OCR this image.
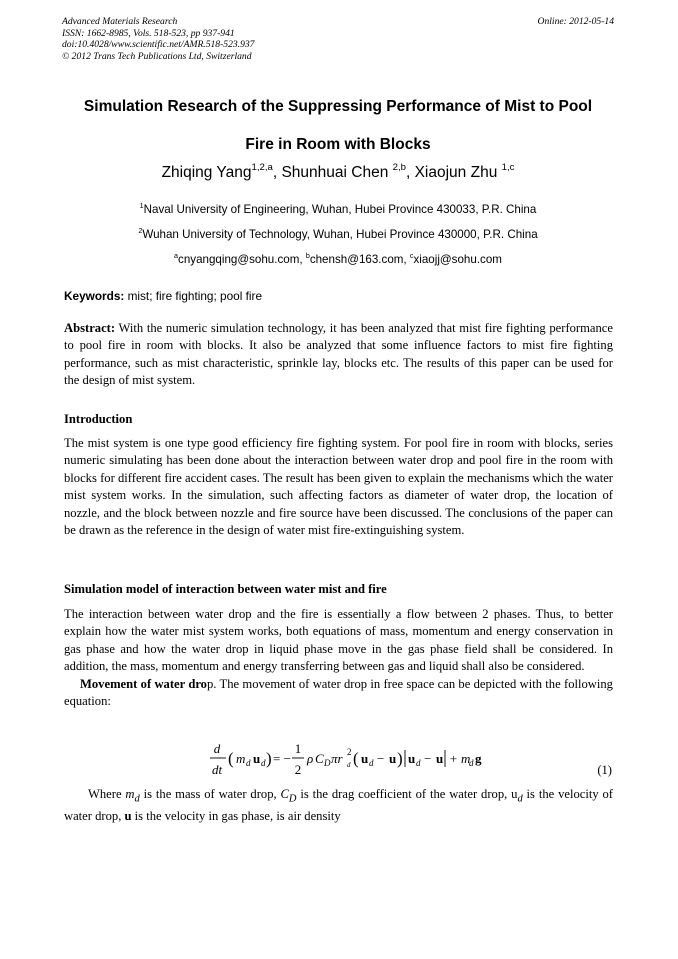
Advanced Materials Research
ISSN: 1662-8985, Vols. 518-523, pp 937-941
doi:10.4028/www.scientific.net/AMR.518-523.937
© 2012 Trans Tech Publications Ltd, Switzerland
Online: 2012-05-14
Simulation Research of the Suppressing Performance of Mist to Pool
Fire in Room with Blocks
Zhiqing Yang$^{1,2,a}$, Shunhuai Chen $^{2,b}$, Xiaojun Zhu $^{1,c}$
$^1$Naval University of Engineering, Wuhan, Hubei Province 430033, P.R. China
$^2$Wuhan University of Technology, Wuhan, Hubei Province 430000, P.R. China
$^a$cnyangqing@sohu.com, $^b$chensh@163.com, $^c$xiaojj@sohu.com
Keywords: mist; fire fighting; pool fire
Abstract: With the numeric simulation technology, it has been analyzed that mist fire fighting performance to pool fire in room with blocks. It also be analyzed that some influence factors to mist fire fighting performance, such as mist characteristic, sprinkle lay, blocks etc. The results of this paper can be used for the design of mist system.
Introduction
The mist system is one type good efficiency fire fighting system. For pool fire in room with blocks, series numeric simulating has been done about the interaction between water drop and pool fire in the room with blocks for different fire accident cases. The result has been given to explain the mechanisms which the water mist system works. In the simulation, such affecting factors as diameter of water drop, the location of nozzle, and the block between nozzle and fire source have been discussed. The conclusions of the paper can be drawn as the reference in the design of water mist fire-extinguishing system.
Simulation model of interaction between water mist and fire
The interaction between water drop and the fire is essentially a flow between 2 phases. Thus, to better explain how the water mist system works, both equations of mass, momentum and energy conservation in gas phase and how the water drop in liquid phase move in the gas phase field shall be considered. In addition, the mass, momentum and energy transferring between gas and liquid shall also be considered.
Movement of water drop. The movement of water drop in free space can be depicted with the following equation:
d
dt
( m d u d ) = −
1
2
ρ C D πr 2
d ( u d − u ) u d − u + m
d g
(1)
Where $m_d$ is the mass of water drop, $C_D$ is the drag coefficient of the water drop, $u_d$ is the velocity of water drop, u is the velocity in gas phase, is air density
